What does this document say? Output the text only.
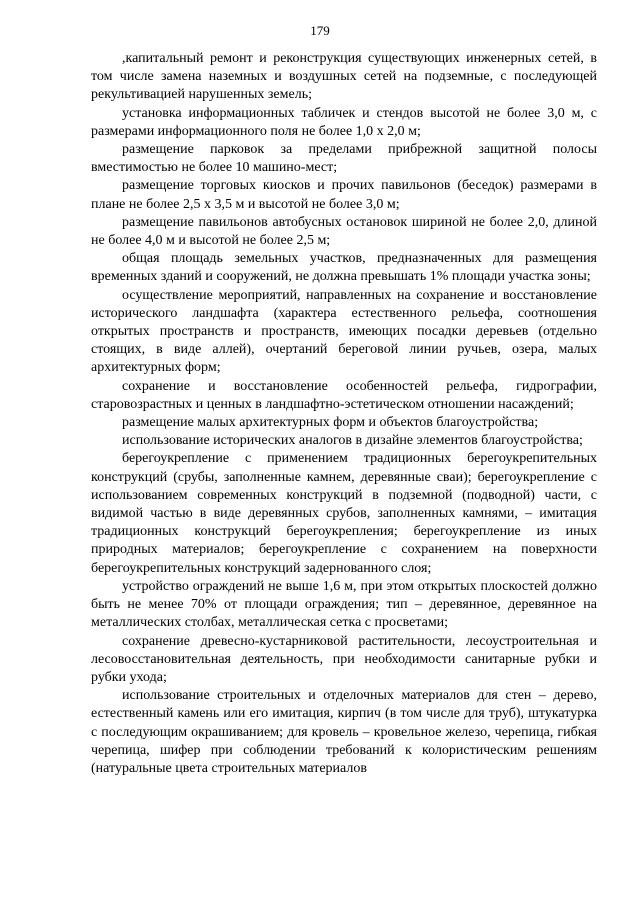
179

,капитальный ремонт и реконструкция существующих инженерных сетей, в том числе замена наземных и воздушных сетей на подземные, с последующей рекультивацией нарушенных земель;

установка информационных табличек и стендов высотой не более 3,0 м, с размерами информационного поля не более 1,0 х 2,0 м;

размещение парковок за пределами прибрежной защитной полосы вместимостью не более 10 машино-мест;

размещение торговых киосков и прочих павильонов (беседок) размерами в плане не более 2,5 х 3,5 м и высотой не более 3,0 м;

размещение павильонов автобусных остановок шириной не более 2,0, длиной не более 4,0 м и высотой не более 2,5 м;

общая площадь земельных участков, предназначенных для размещения временных зданий и сооружений, не должна превышать 1% площади участка зоны;

осуществление мероприятий, направленных на сохранение и восстановление исторического ландшафта (характера естественного рельефа, соотношения открытых пространств и пространств, имеющих посадки деревьев (отдельно стоящих, в виде аллей), очертаний береговой линии ручьев, озера, малых архитектурных форм;

сохранение и восстановление особенностей рельефа, гидрографии, старовозрастных и ценных в ландшафтно-эстетическом отношении насаждений;

размещение малых архитектурных форм и объектов благоустройства;

использование исторических аналогов в дизайне элементов благоустройства;

берегоукрепление с применением традиционных берегоукрепительных конструкций (срубы, заполненные камнем, деревянные сваи); берегоукрепление с использованием современных конструкций в подземной (подводной) части, с видимой частью в виде деревянных срубов, заполненных камнями, – имитация традиционных конструкций берегоукрепления; берегоукрепление из иных природных материалов; берегоукрепление с сохранением на поверхности берегоукрепительных конструкций задернованного слоя;

устройство ограждений не выше 1,6 м, при этом открытых плоскостей должно быть не менее 70% от площади ограждения; тип – деревянное, деревянное на металлических столбах, металлическая сетка с просветами;

сохранение древесно-кустарниковой растительности, лесоустроительная и лесовосстановительная деятельность, при необходимости санитарные рубки и рубки ухода;

использование строительных и отделочных материалов для стен – дерево, естественный камень или его имитация, кирпич (в том числе для труб), штукатурка с последующим окрашиванием; для кровель – кровельное железо, черепица, гибкая черепица, шифер при соблюдении требований к колористическим решениям (натуральные цвета строительных материалов
